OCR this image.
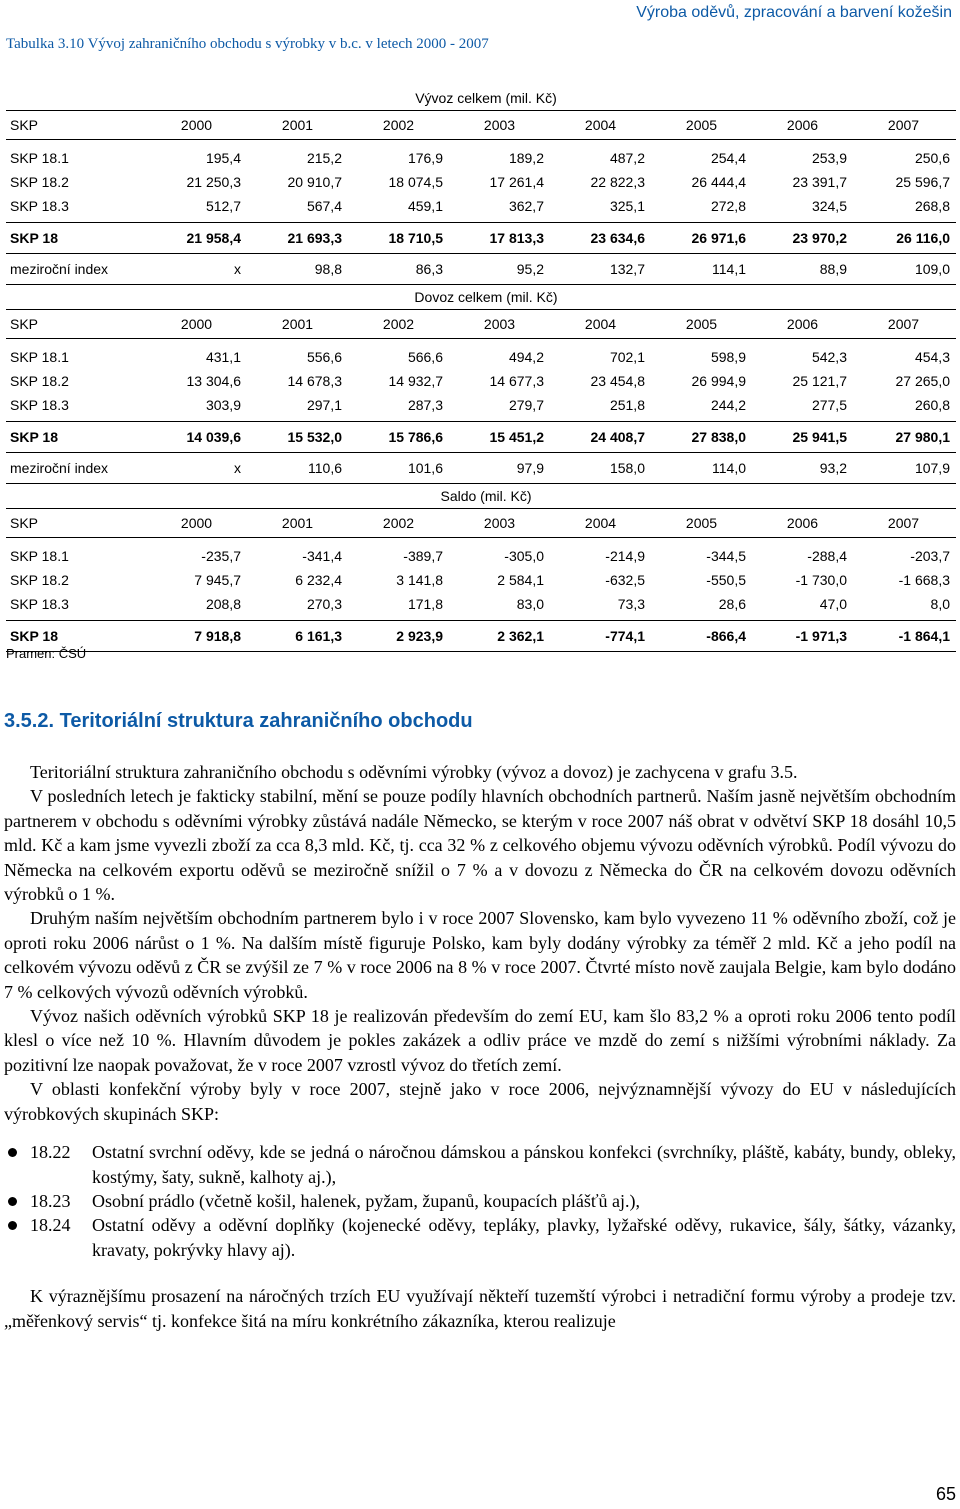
Výroba oděvů, zpracování a barvení kožešin
Tabulka 3.10 Vývoj zahraničního obchodu s výrobky v b.c. v letech 2000 - 2007
Vývoz celkem (mil. Kč)
SKP	2000	2001	2002	2003	2004	2005	2006	2007
SKP 18.1	195,4	215,2	176,9	189,2	487,2	254,4	253,9	250,6
SKP 18.2	21 250,3	20 910,7	18 074,5	17 261,4	22 822,3	26 444,4	23 391,7	25 596,7
SKP 18.3	512,7	567,4	459,1	362,7	325,1	272,8	324,5	268,8
SKP 18	21 958,4	21 693,3	18 710,5	17 813,3	23 634,6	26 971,6	23 970,2	26 116,0
meziroční index	x	98,8	86,3	95,2	132,7	114,1	88,9	109,0
Dovoz celkem (mil. Kč)
SKP	2000	2001	2002	2003	2004	2005	2006	2007
SKP 18.1	431,1	556,6	566,6	494,2	702,1	598,9	542,3	454,3
SKP 18.2	13 304,6	14 678,3	14 932,7	14 677,3	23 454,8	26 994,9	25 121,7	27 265,0
SKP 18.3	303,9	297,1	287,3	279,7	251,8	244,2	277,5	260,8
SKP 18	14 039,6	15 532,0	15 786,6	15 451,2	24 408,7	27 838,0	25 941,5	27 980,1
meziroční index	x	110,6	101,6	97,9	158,0	114,0	93,2	107,9
Saldo (mil. Kč)
SKP	2000	2001	2002	2003	2004	2005	2006	2007
SKP 18.1	-235,7	-341,4	-389,7	-305,0	-214,9	-344,5	-288,4	-203,7
SKP 18.2	7 945,7	6 232,4	3 141,8	2 584,1	-632,5	-550,5	-1 730,0	-1 668,3
SKP 18.3	208,8	270,3	171,8	83,0	73,3	28,6	47,0	8,0
SKP 18	7 918,8	6 161,3	2 923,9	2 362,1	-774,1	-866,4	-1 971,3	-1 864,1
Pramen: ČSÚ
3.5.2. Teritoriální struktura zahraničního obchodu

Teritoriální struktura zahraničního obchodu s oděvními výrobky (vývoz a dovoz) je zachycena v grafu 3.5.

V posledních letech je fakticky stabilní, mění se pouze podíly hlavních obchodních partnerů. Naším jasně největším obchodním partnerem v obchodu s oděvními výrobky zůstává nadále Německo, se kterým v roce 2007 náš obrat v odvětví SKP 18 dosáhl 10,5 mld. Kč a kam jsme vyvezli zboží za cca 8,3 mld. Kč, tj. cca 32 % z celkového objemu vývozu oděvních výrobků. Podíl vývozu do Německa na celkovém exportu oděvů se meziročně snížil o 7 % a v dovozu z Německa do ČR na celkovém dovozu oděvních výrobků o 1 %.

Druhým naším největším obchodním partnerem bylo i v roce 2007 Slovensko, kam bylo vyvezeno 11 % oděvního zboží, což je oproti roku 2006 nárůst o 1 %. Na dalším místě figuruje Polsko, kam byly dodány výrobky za téměř 2 mld. Kč a jeho podíl na celkovém vývozu oděvů z ČR se zvýšil ze 7 % v roce 2006 na 8 % v roce 2007. Čtvrté místo nově zaujala Belgie, kam bylo dodáno 7 % celkových vývozů oděvních výrobků.

Vývoz našich oděvních výrobků SKP 18 je realizován především do zemí EU, kam šlo 83,2 % a oproti roku 2006 tento podíl klesl o více než 10 %. Hlavním důvodem je pokles zakázek a odliv práce ve mzdě do zemí s nižšími výrobními náklady. Za pozitivní lze naopak považovat, že v roce 2007 vzrostl vývoz do třetích zemí.

V oblasti konfekční výroby byly v roce 2007, stejně jako v roce 2006, nejvýznamnější vývozy do EU v následujících výrobkových skupinách SKP:

18.22 Ostatní svrchní oděvy, kde se jedná o náročnou dámskou a pánskou konfekci (svrchníky, pláště, kabáty, bundy, obleky, kostýmy, šaty, sukně, kalhoty aj.),
18.23 Osobní prádlo (včetně košil, halenek, pyžam, županů, koupacích plášťů aj.),
18.24 Ostatní oděvy a oděvní doplňky (kojenecké oděvy, tepláky, plavky, lyžařské oděvy, rukavice, šály, šátky, vázanky, kravaty, pokrývky hlavy aj).

K výraznějšímu prosazení na náročných trzích EU využívají někteří tuzemští výrobci i netradiční formu výroby a prodeje tzv. „měřenkový servis“ tj. konfekce šitá na míru konkrétního zákazníka, kterou realizuje

65
